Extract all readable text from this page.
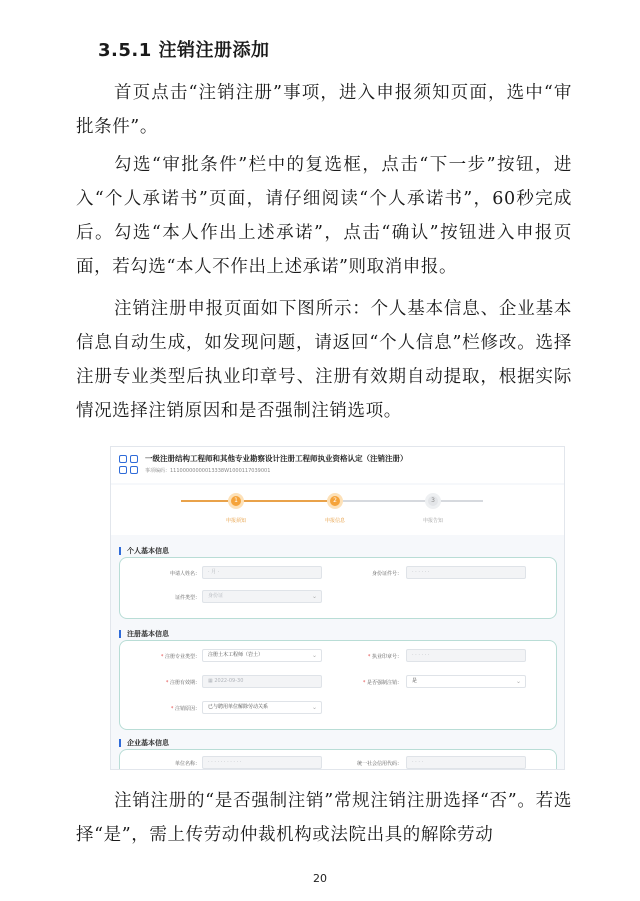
3.5.1 注销注册添加

首页点击“注销注册”事项，进入申报须知页面，选中“审批条件”。

勾选“审批条件”栏中的复选框，点击“下一步”按钮，进入“个人承诺书”页面，请仔细阅读“个人承诺书”，60秒完成后。勾选“本人作出上述承诺”，点击“确认”按钮进入申报页面，若勾选“本人不作出上述承诺”则取消申报。

注销注册申报页面如下图所示：个人基本信息、企业基本信息自动生成，如发现问题，请返回“个人信息”栏修改。选择注册专业类型后执业印章号、注册有效期自动提取，根据实际情况选择注销原因和是否强制注销选项。

一级注册结构工程师和其他专业勘察设计注册工程师执业资格认定（注销注册）
事项编码：11100000000013338W1000117039001
1	2	3
申报须知	申报信息	申报告知
个人基本信息
申请人姓名：	· 月 ·	身份证件号：	· · · · · ·
证件类型：	身份证	⌄
注册基本信息
* 注册专业类型：	注册土木工程师（岩土）	⌄	* 执业印章号：	· · · · · ·
* 注册有效期：	▦ 2022-09-30	* 是否强制注销：	是	⌄
* 注销原因：	已与聘用单位解除劳动关系	⌄
企业基本信息
单位名称：	· · · · · · · · · · ·	统一社会信用代码：	· · · ·

注销注册的“是否强制注销”常规注销注册选择“否”。若选择“是”，需上传劳动仲裁机构或法院出具的解除劳动

20
